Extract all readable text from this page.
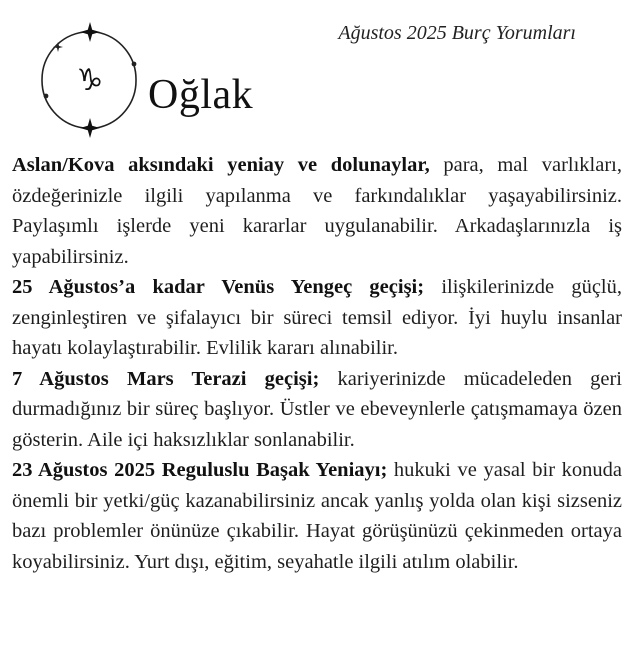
♑ Oğlak
Ağustos 2025 Burç Yorumları

Aslan/Kova aksındaki yeniay ve dolunaylar, para, mal varlıkları, özdeğerinizle ilgili yapılanma ve farkındalıklar yaşayabilirsiniz. Paylaşımlı işlerde yeni kararlar uygulanabilir. Arkadaşlarınızla iş yapabilirsiniz.

25 Ağustos’a kadar Venüs Yengeç geçişi; ilişkilerinizde güçlü, zenginleştiren ve şifalayıcı bir süreci temsil ediyor. İyi huylu insanlar hayatı kolaylaştırabilir. Evlilik kararı alınabilir.

7 Ağustos Mars Terazi geçişi; kariyerinizde mücadeleden geri durmadığınız bir süreç başlıyor. Üstler ve ebeveynlerle çatışmamaya özen gösterin. Aile içi haksızlıklar sonlanabilir.

23 Ağustos 2025 Reguluslu Başak Yeniayı; hukuki ve yasal bir konuda önemli bir yetki/güç kazanabilirsiniz ancak yanlış yolda olan kişi sizseniz bazı problemler önünüze çıkabilir. Hayat görüşünüzü çekinmeden ortaya koyabilirsiniz. Yurt dışı, eğitim, seyahatle ilgili atılım olabilir.
